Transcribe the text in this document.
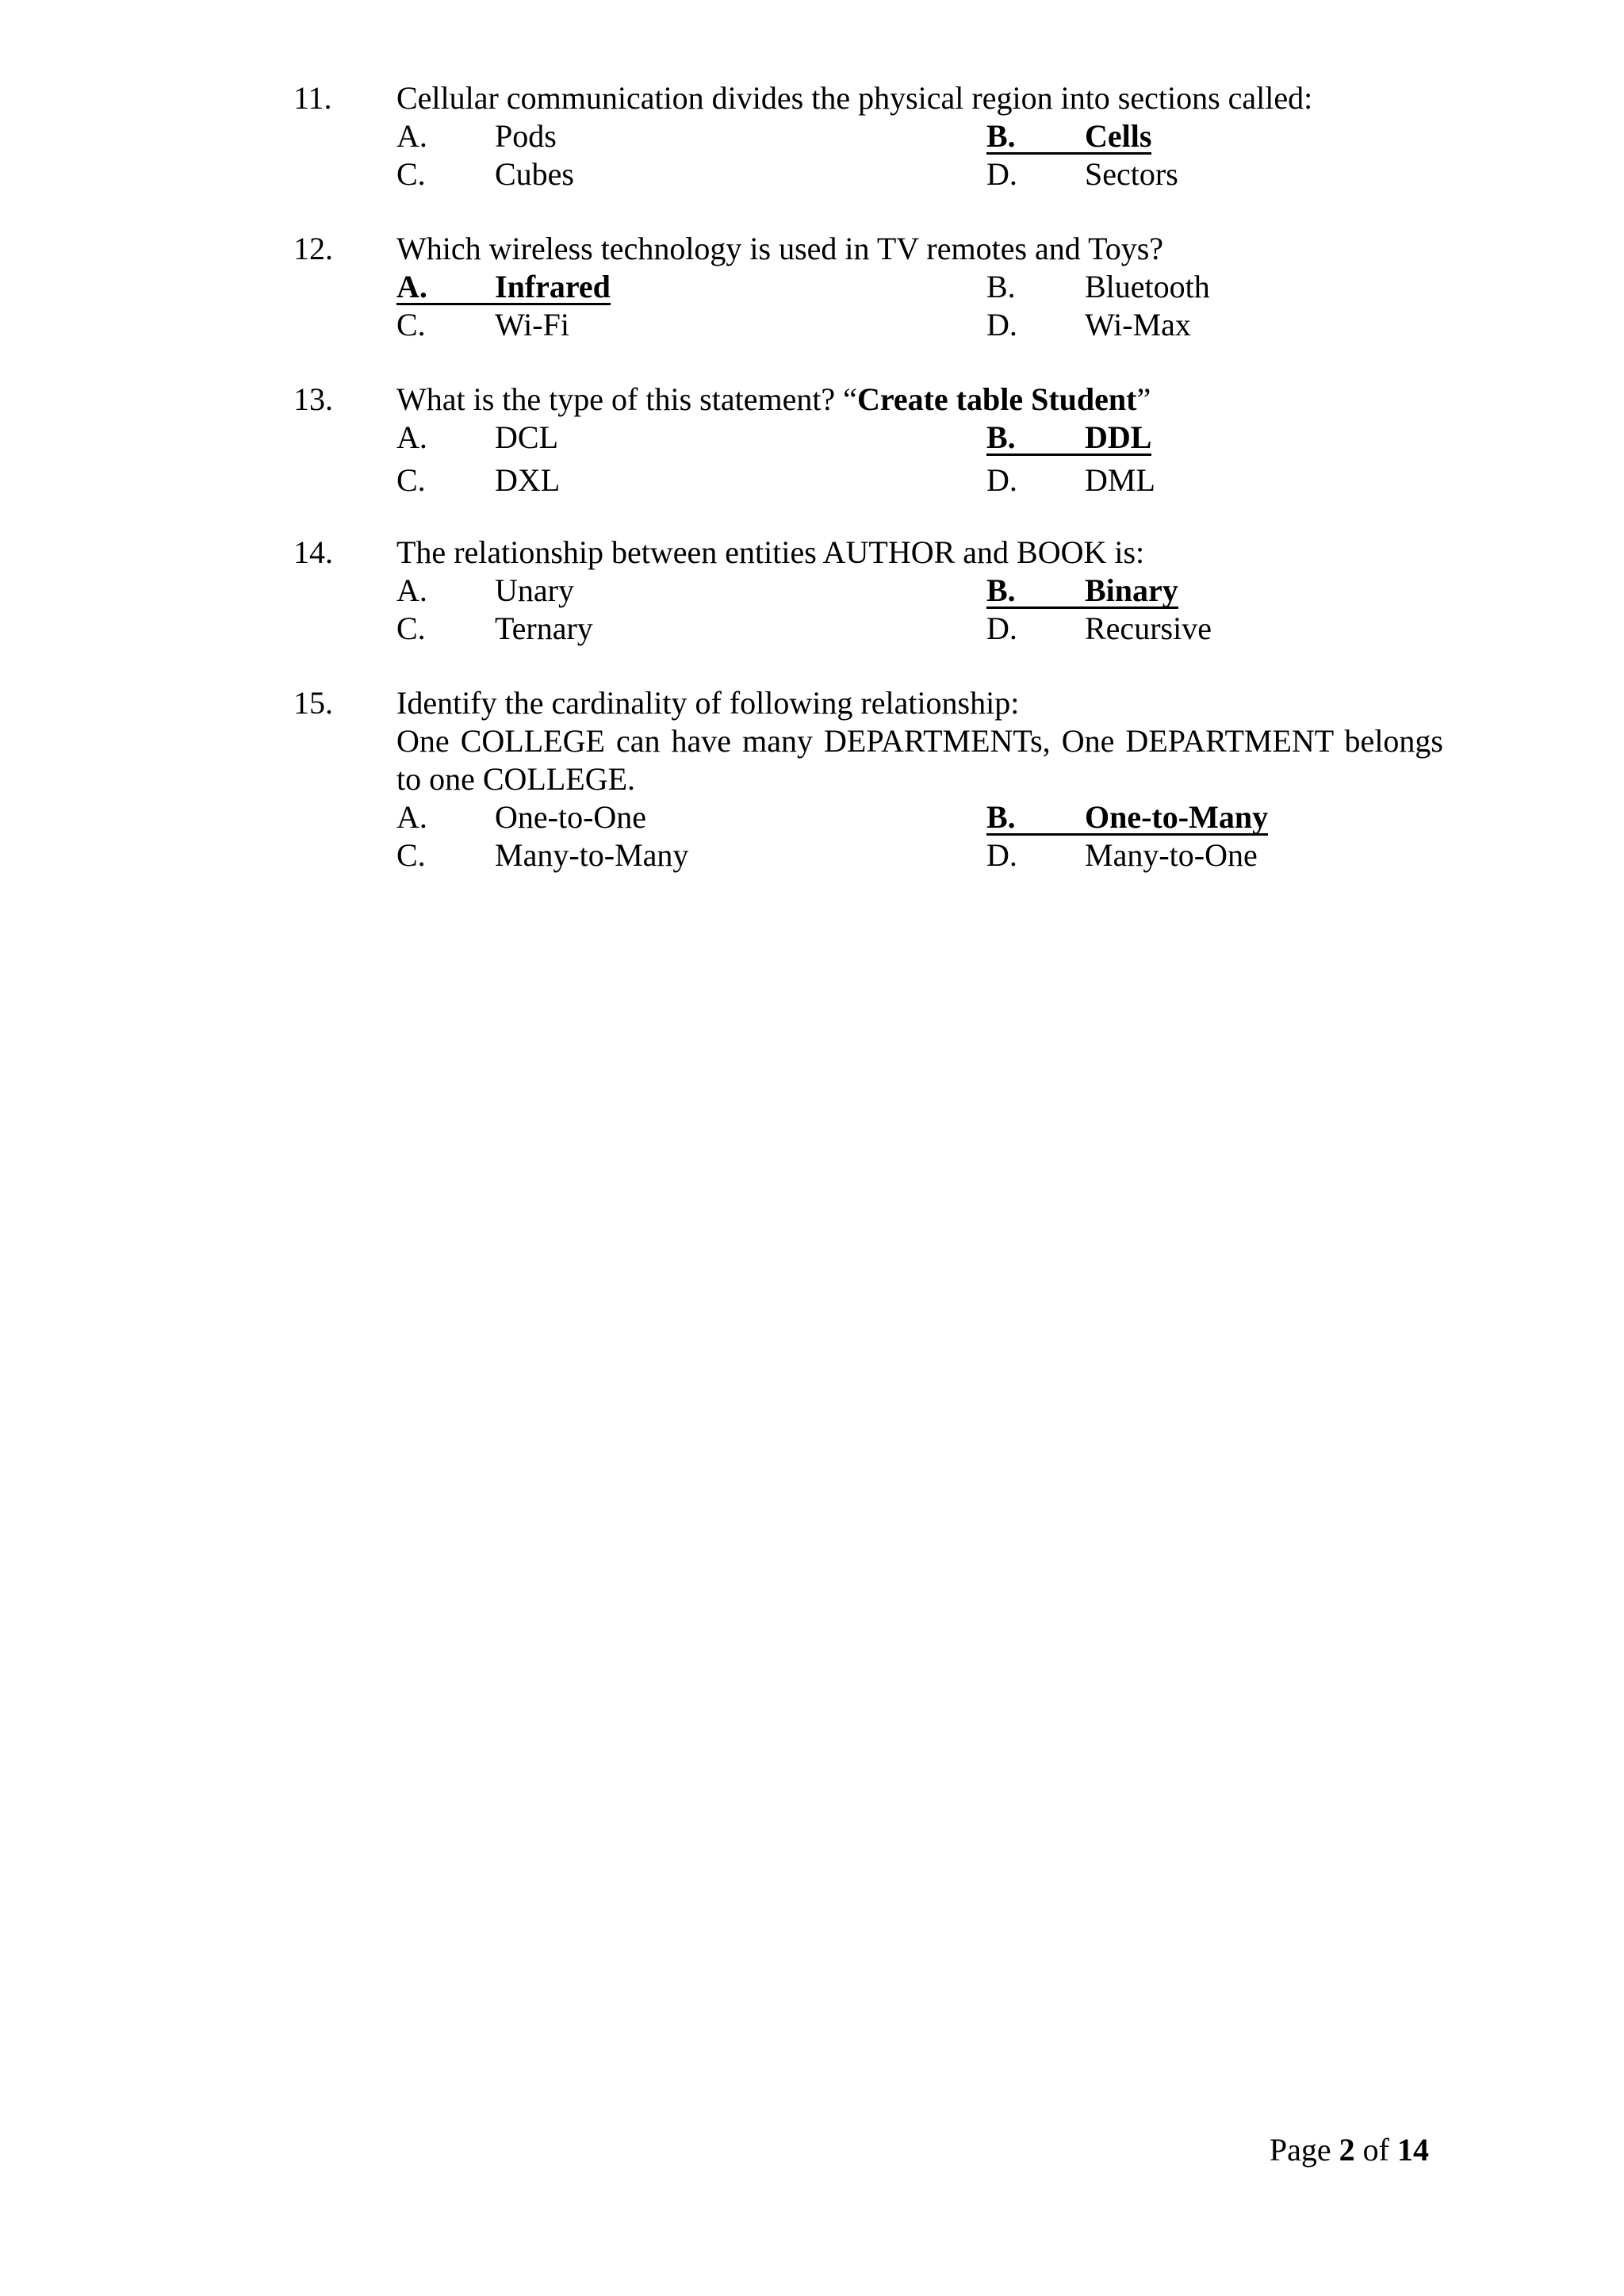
11. Cellular communication divides the physical region into sections called:
A.	Pods	B.	Cells
C.	Cubes	D.	Sectors
12. Which wireless technology is used in TV remotes and Toys?
A.	Infrared	B.	Bluetooth
C.	Wi-Fi	D.	Wi-Max
13. What is the type of this statement? “Create table Student”
A.	DCL	B.	DDL
C.	DXL	D.	DML
14. The relationship between entities AUTHOR and BOOK is:
A.	Unary	B.	Binary
C.	Ternary	D.	Recursive
15. Identify the cardinality of following relationship:
One COLLEGE can have many DEPARTMENTs, One DEPARTMENT belongs to one COLLEGE.
A.	One-to-One	B.	One-to-Many
C.	Many-to-Many	D.	Many-to-One
Page 2 of 14
